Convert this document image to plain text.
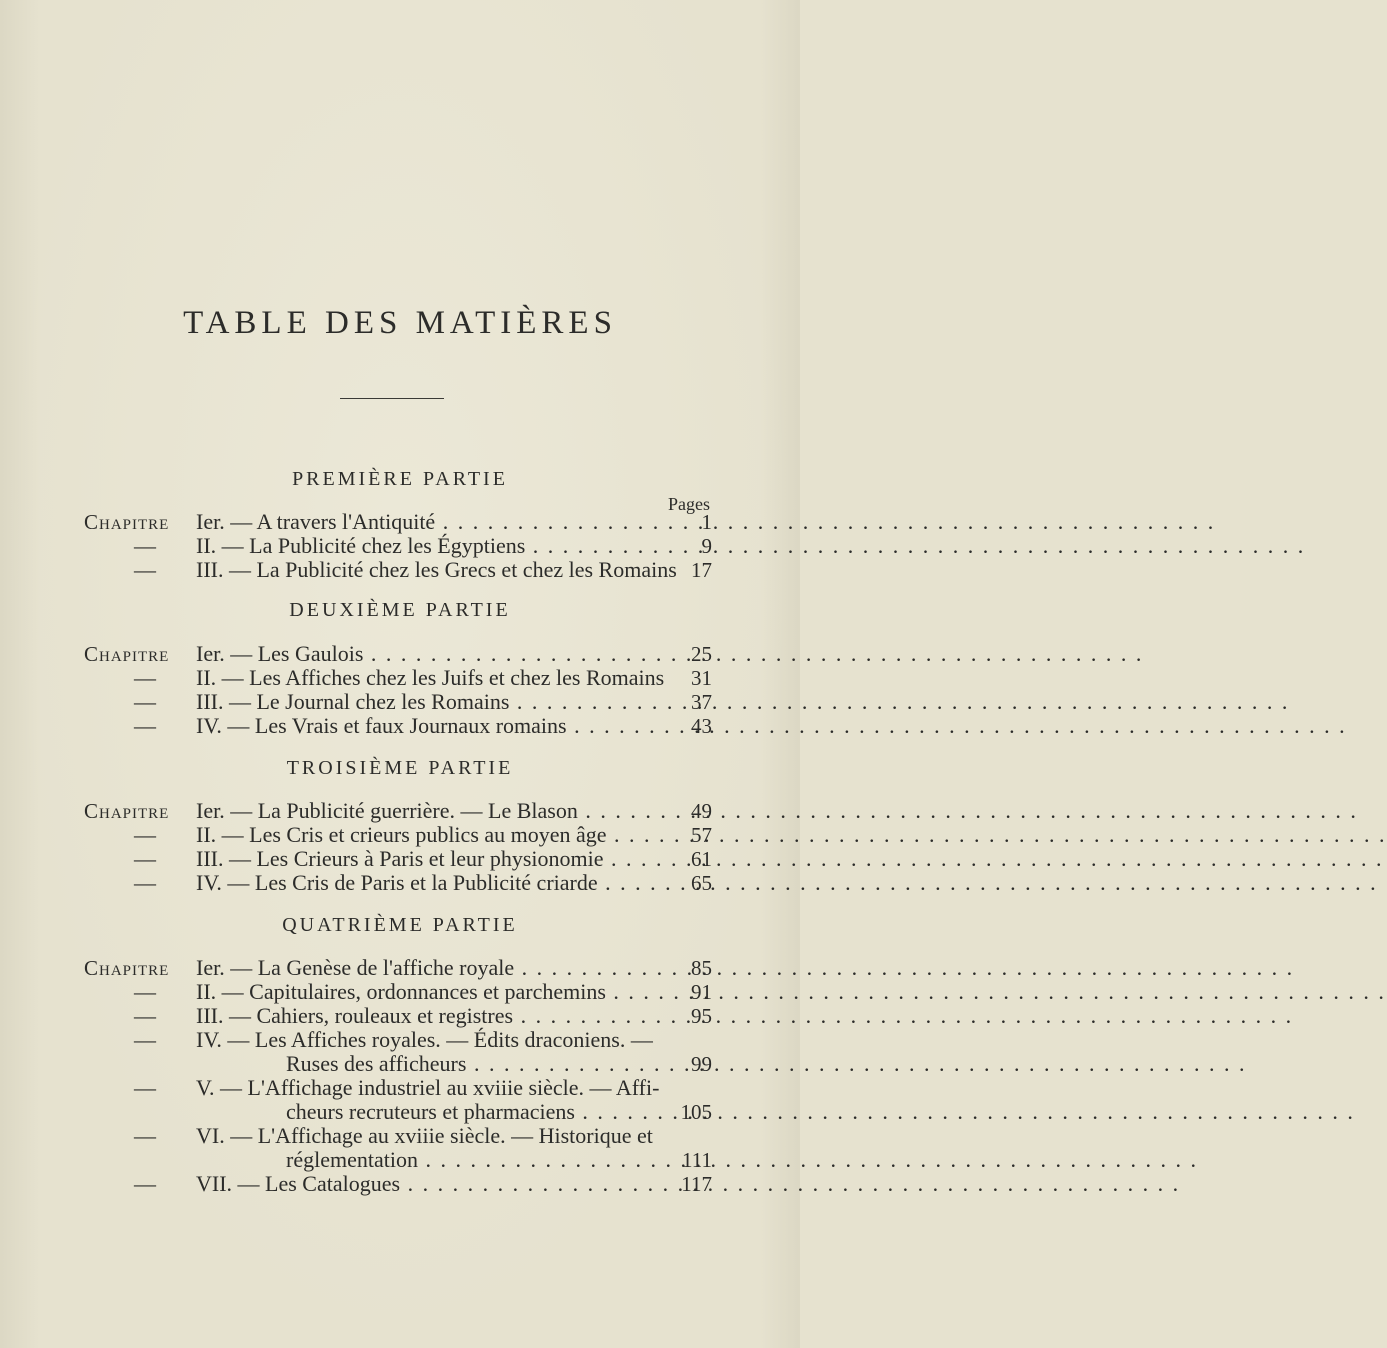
TABLE DES MATIÈRES
PREMIÈRE PARTIE
Pages
Chapitre Ier. — A travers l'Antiquité . . .	1
— II. — La Publicité chez les Égyptiens . . .	9
— III. — La Publicité chez les Grecs et chez les Romains 17
DEUXIÈME PARTIE
Chapitre Ier. — Les Gaulois . . .	25
— II. — Les Affiches chez les Juifs et chez les Romains 31
— III. — Le Journal chez les Romains . . .	37
— IV. — Les Vrais et faux Journaux romains . . .	43
TROISIÈME PARTIE
Chapitre Ier. — La Publicité guerrière. — Le Blason . . .	49
— II. — Les Cris et crieurs publics au moyen âge . . .	57
— III. — Les Crieurs à Paris et leur physionomie . . .	61
— IV. — Les Cris de Paris et la Publicité criarde . . .	65
QUATRIÈME PARTIE
Chapitre Ier. — La Genèse de l'affiche royale . . .	85
— II. — Capitulaires, ordonnances et parchemins . . .	91
— III. — Cahiers, rouleaux et registres . . .	95
— IV. — Les Affiches royales. — Édits draconiens. —
Ruses des afficheurs . . .	99
— V. — L'Affichage industriel au xviiie siècle. — Affi-
cheurs recruteurs et pharmaciens . . .	105
— VI. — L'Affichage au xviiie siècle. — Historique et
réglementation . . .	111
— VII. — Les Catalogues . . .	117
